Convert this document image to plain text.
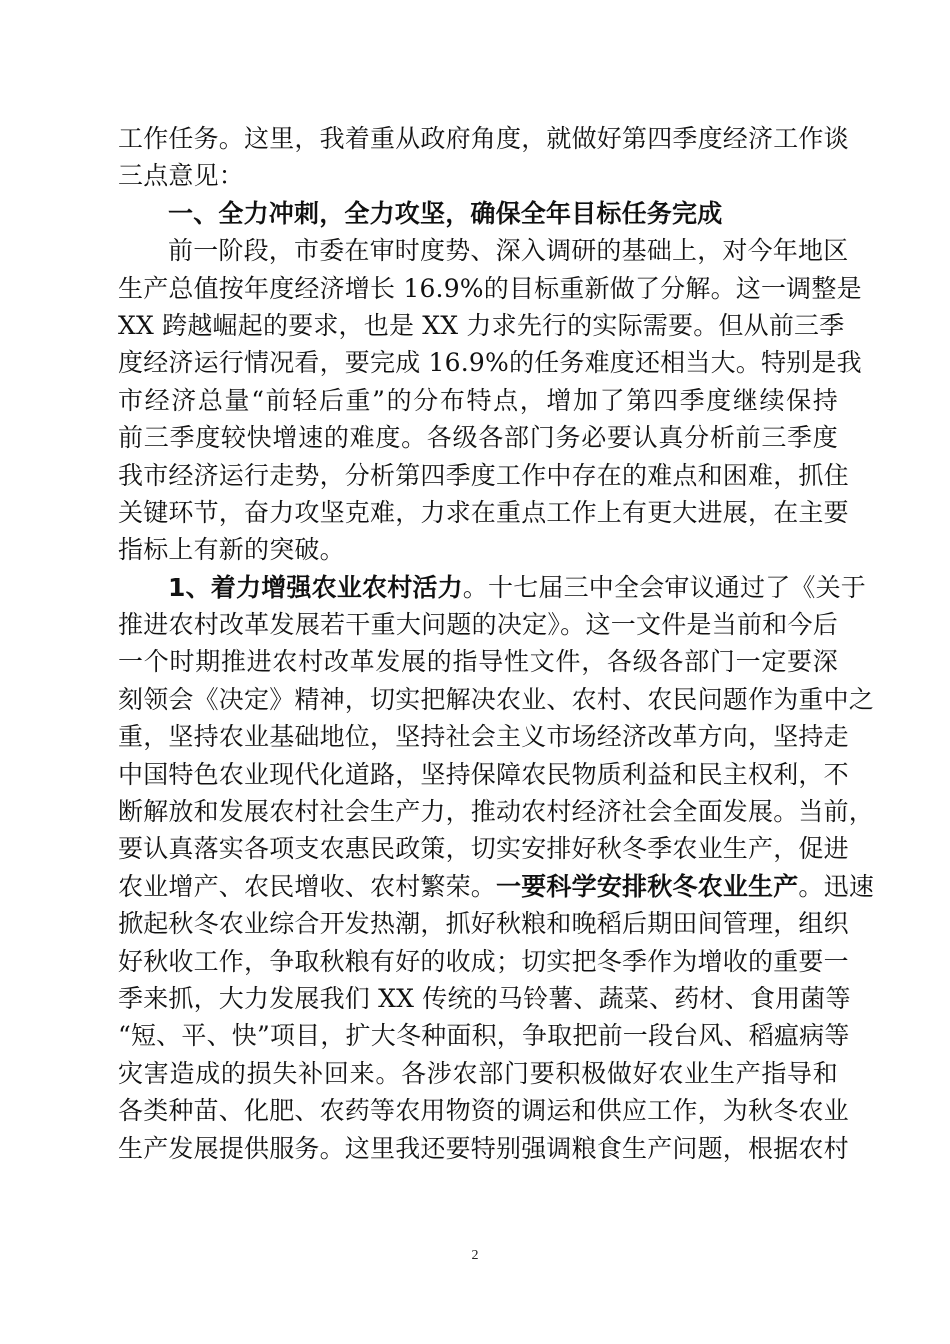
工作任务。这里，我着重从政府角度，就做好第四季度经济工作谈
三点意见：
一、全力冲刺，全力攻坚，确保全年目标任务完成
前一阶段，市委在审时度势、深入调研的基础上，对今年地区
生产总值按年度经济增长 16.9%的目标重新做了分解。这一调整是
XX 跨越崛起的要求，也是 XX 力求先行的实际需要。但从前三季
度经济运行情况看，要完成 16.9%的任务难度还相当大。特别是我
市经济总量“前轻后重”的分布特点，增加了第四季度继续保持
前三季度较快增速的难度。各级各部门务必要认真分析前三季度
我市经济运行走势，分析第四季度工作中存在的难点和困难，抓住
关键环节，奋力攻坚克难，力求在重点工作上有更大进展，在主要
指标上有新的突破。
1、着力增强农业农村活力。十七届三中全会审议通过了《关于
推进农村改革发展若干重大问题的决定》。这一文件是当前和今后
一个时期推进农村改革发展的指导性文件，各级各部门一定要深
刻领会《决定》精神，切实把解决农业、农村、农民问题作为重中之
重，坚持农业基础地位，坚持社会主义市场经济改革方向，坚持走
中国特色农业现代化道路，坚持保障农民物质利益和民主权利，不
断解放和发展农村社会生产力，推动农村经济社会全面发展。当前，
要认真落实各项支农惠民政策，切实安排好秋冬季农业生产，促进
农业增产、农民增收、农村繁荣。一要科学安排秋冬农业生产。迅速
掀起秋冬农业综合开发热潮，抓好秋粮和晚稻后期田间管理，组织
好秋收工作，争取秋粮有好的收成；切实把冬季作为增收的重要一
季来抓，大力发展我们 XX 传统的马铃薯、蔬菜、药材、食用菌等
“短、平、快”项目，扩大冬种面积，争取把前一段台风、稻瘟病等
灾害造成的损失补回来。各涉农部门要积极做好农业生产指导和
各类种苗、化肥、农药等农用物资的调运和供应工作，为秋冬农业
生产发展提供服务。这里我还要特别强调粮食生产问题，根据农村
2
